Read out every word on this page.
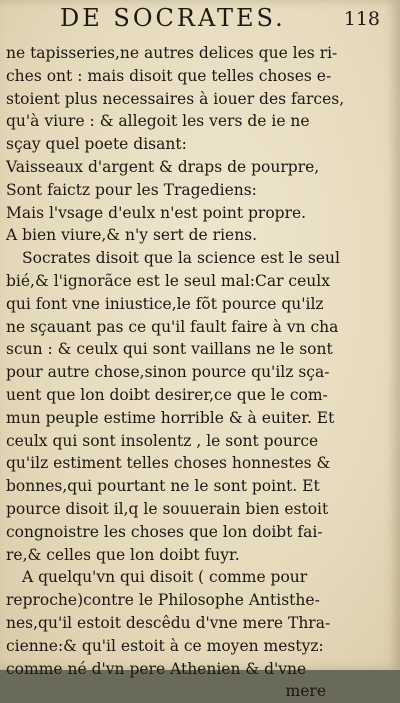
DE SOCRATES.	118
ne tapisseries,ne autres delices que les ri-
ches ont : mais disoit que telles choses e-
stoient plus necessaires à iouer des farces,
qu'à viure : & allegoit les vers de ie ne
sçay quel poete disant:
Vaisseaux d'argent & draps de pourpre,
Sont faictz pour les Tragediens:
Mais l'vsage d'eulx n'est point propre.
A bien viure,& n'y sert de riens.
Socrates disoit que la science est le seul
bié,& l'ignorãce est le seul mal:Car ceulx
qui font vne iniustice,le fõt pource qu'ilz
ne sçauant pas ce qu'il fault faire à vn cha
scun : & ceulx qui sont vaillans ne le sont
pour autre chose,sinon pource qu'ilz sça-
uent que lon doibt desirer,ce que le com-
mun peuple estime horrible & à euiter. Et
ceulx qui sont insolentz , le sont pource
qu'ilz estiment telles choses honnestes &
bonnes,qui pourtant ne le sont point. Et
pource disoit il,q le souuerain bien estoit
congnoistre les choses que lon doibt fai-
re,& celles que lon doibt fuyr.
A quelqu'vn qui disoit ( comme pour
reproche)contre le Philosophe Antisthe-
nes,qu'il estoit descêdu d'vne mere Thra-
cienne:& qu'il estoit à ce moyen mestyz:
comme né d'vn pere Athenien & d'vne
mere
